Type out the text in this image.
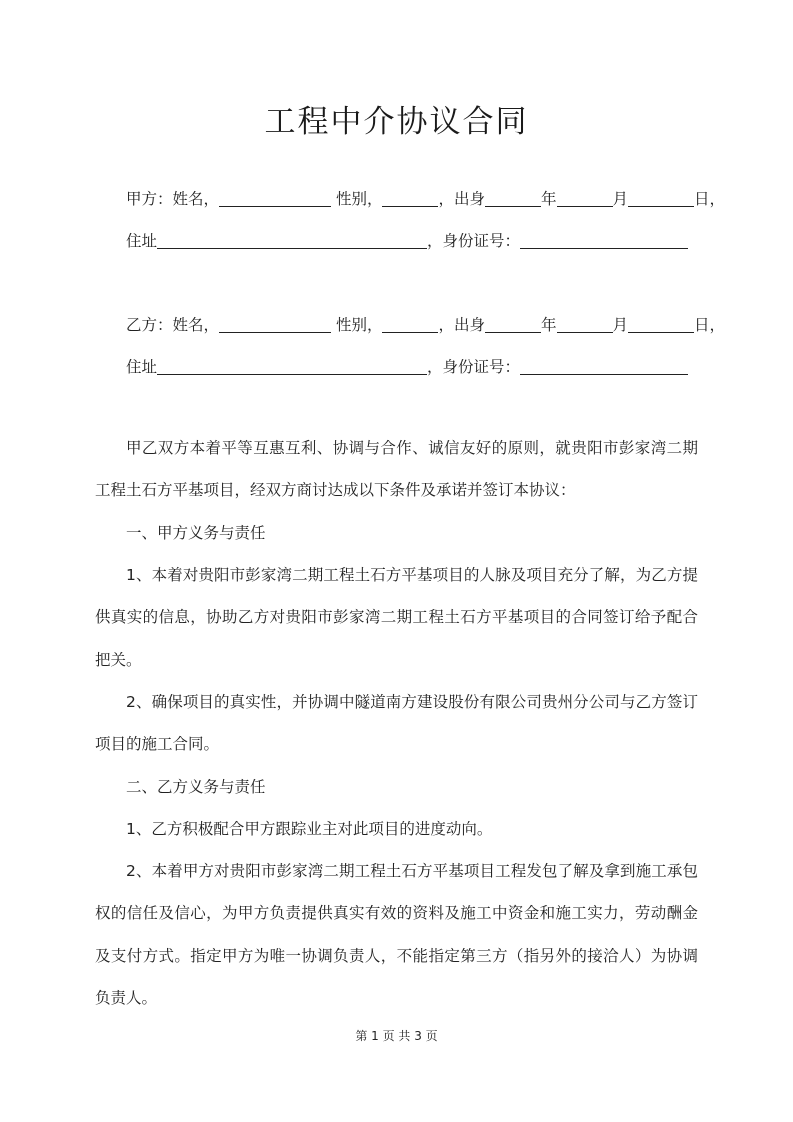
工程中介协议合同
甲方：姓名，	性别，	，出身	年	月	日，
住址	，身份证号：
乙方：姓名，	性别，	，出身	年	月	日，
住址	，身份证号：
甲乙双方本着平等互惠互利、协调与合作、诚信友好的原则，就贵阳市彭家湾二期工程土石方平基项目，经双方商讨达成以下条件及承诺并签订本协议：
一、甲方义务与责任
1、本着对贵阳市彭家湾二期工程土石方平基项目的人脉及项目充分了解，为乙方提供真实的信息，协助乙方对贵阳市彭家湾二期工程土石方平基项目的合同签订给予配合把关。
2、确保项目的真实性，并协调中隧道南方建设股份有限公司贵州分公司与乙方签订项目的施工合同。
二、乙方义务与责任
1、乙方积极配合甲方跟踪业主对此项目的进度动向。
2、本着甲方对贵阳市彭家湾二期工程土石方平基项目工程发包了解及拿到施工承包权的信任及信心，为甲方负责提供真实有效的资料及施工中资金和施工实力，劳动酬金及支付方式。指定甲方为唯一协调负责人，不能指定第三方（指另外的接洽人）为协调负责人。
第 1 页 共 3 页
